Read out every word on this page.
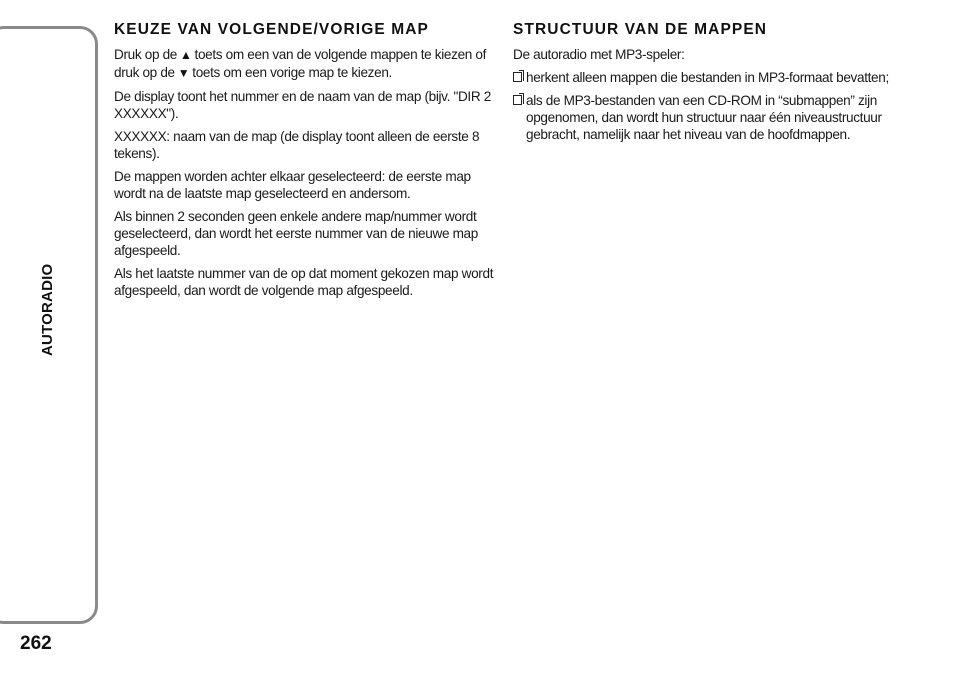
AUTORADIO
262
KEUZE VAN VOLGENDE/VORIGE MAP

Druk op de ▲ toets om een van de volgende mappen te kiezen of druk op de ▼ toets om een vorige map te kiezen.

De display toont het nummer en de naam van de map (bijv. "DIR 2 XXXXXX").

XXXXXX: naam van de map (de display toont alleen de eerste 8 tekens).

De mappen worden achter elkaar geselecteerd: de eerste map wordt na de laatste map geselecteerd en andersom.

Als binnen 2 seconden geen enkele andere map/nummer wordt geselecteerd, dan wordt het eerste nummer van de nieuwe map afgespeeld.

Als het laatste nummer van de op dat moment gekozen map wordt afgespeeld, dan wordt de volgende map afgespeeld.

STRUCTUUR VAN DE MAPPEN

De autoradio met MP3-speler:

herkent alleen mappen die bestanden in MP3-formaat bevatten;
als de MP3-bestanden van een CD-ROM in “submappen” zijn opgenomen, dan wordt hun structuur naar één niveaustructuur gebracht, namelijk naar het niveau van de hoofdmappen.
